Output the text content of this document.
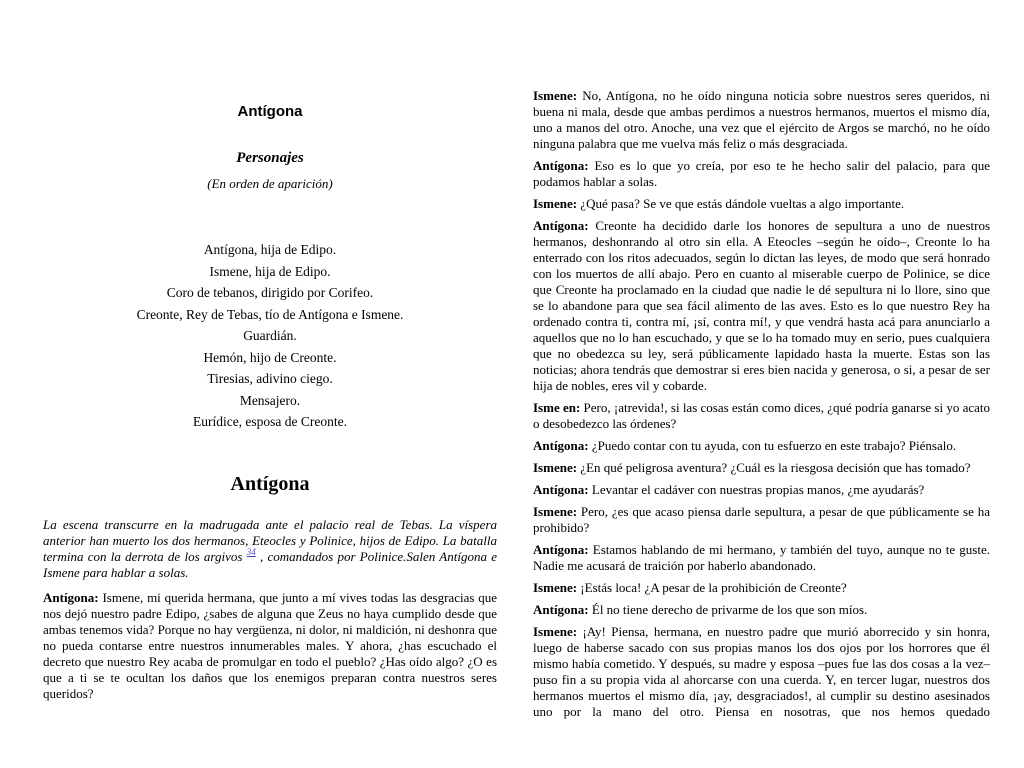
Antígona
Personajes
(En orden de aparición)
Antígona, hija de Edipo.
Ismene, hija de Edipo.
Coro de tebanos, dirigido por Corifeo.
Creonte, Rey de Tebas, tío de Antígona e Ismene.
Guardián.
Hemón, hijo de Creonte.
Tiresias, adivino ciego.
Mensajero.
Eurídice, esposa de Creonte.
Antígona

La escena transcurre en la madrugada ante el palacio real de Tebas. La víspera anterior han muerto los dos hermanos, Eteocles y Polinice, hijos de Edipo. La batalla termina con la derrota de los argivos $^{34}$ , comandados por Polinice.Salen Antígona e Ismene para hablar a solas.

Antígona: Ismene, mi querida hermana, que junto a mí vives todas las desgracias que nos dejó nuestro padre Edipo, ¿sabes de alguna que Zeus no haya cumplido desde que ambas tenemos vida? Porque no hay vergüenza, ni dolor, ni maldición, ni deshonra que no pueda contarse entre nuestros innumerables males. Y ahora, ¿has escuchado el decreto que nuestro Rey acaba de promulgar en todo el pueblo? ¿Has oído algo? ¿O es que a ti se te ocultan los daños que los enemigos preparan contra nuestros seres queridos?

Ismene: No, Antígona, no he oído ninguna noticia sobre nuestros seres queridos, ni buena ni mala, desde que ambas perdimos a nuestros hermanos, muertos el mismo día, uno a manos del otro. Anoche, una vez que el ejército de Argos se marchó, no he oído ninguna palabra que me vuelva más feliz o más desgraciada.

Antígona: Eso es lo que yo creía, por eso te he hecho salir del palacio, para que podamos hablar a solas.

Ismene: ¿Qué pasa? Se ve que estás dándole vueltas a algo importante.

Antígona: Creonte ha decidido darle los honores de sepultura a uno de nuestros hermanos, deshonrando al otro sin ella. A Eteocles –según he oído–, Creonte lo ha enterrado con los ritos adecuados, según lo dictan las leyes, de modo que será honrado con los muertos de allí abajo. Pero en cuanto al miserable cuerpo de Polinice, se dice que Creonte ha proclamado en la ciudad que nadie le dé sepultura ni lo llore, sino que se lo abandone para que sea fácil alimento de las aves. Esto es lo que nuestro Rey ha ordenado contra ti, contra mí, ¡sí, contra mí!, y que vendrá hasta acá para anunciarlo a aquellos que no lo han escuchado, y que se lo ha tomado muy en serio, pues cualquiera que no obedezca su ley, será públicamente lapidado hasta la muerte. Estas son las noticias; ahora tendrás que demostrar si eres bien nacida y generosa, o si, a pesar de ser hija de nobles, eres vil y cobarde.

Isme en: Pero, ¡atrevida!, si las cosas están como dices, ¿qué podría ganarse si yo acato o desobedezco las órdenes?

Antígona: ¿Puedo contar con tu ayuda, con tu esfuerzo en este trabajo? Piénsalo.

Ismene: ¿En qué peligrosa aventura? ¿Cuál es la riesgosa decisión que has tomado?

Antígona: Levantar el cadáver con nuestras propias manos, ¿me ayudarás?

Ismene: Pero, ¿es que acaso piensa darle sepultura, a pesar de que públicamente se ha prohibido?

Antígona: Estamos hablando de mi hermano, y también del tuyo, aunque no te guste. Nadie me acusará de traición por haberlo abandonado.

Ismene: ¡Estás loca! ¿A pesar de la prohibición de Creonte?

Antígona: Él no tiene derecho de privarme de los que son míos.

Ismene: ¡Ay! Piensa, hermana, en nuestro padre que murió aborrecido y sin honra, luego de haberse sacado con sus propias manos los dos ojos por los horrores que él mismo había cometido. Y después, su madre y esposa –pues fue las dos cosas a la vez– puso fin a su propia vida al ahorcarse con una cuerda. Y, en tercer lugar, nuestros dos hermanos muertos el mismo día, ¡ay, desgraciados!, al cumplir su destino asesinados uno por la mano del otro. Piensa en nosotras, que nos hemos quedado
